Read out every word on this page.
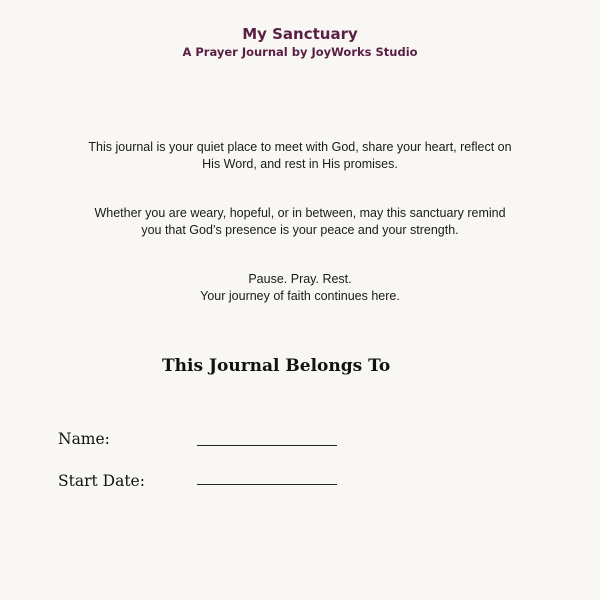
My Sanctuary
A Prayer Journal by JoyWorks Studio

This journal is your quiet place to meet with God, share your heart, reflect on
His Word, and rest in His promises.

Whether you are weary, hopeful, or in between, may this sanctuary remind
you that God’s presence is your peace and your strength.

Pause. Pray. Rest.
Your journey of faith continues here.

This Journal Belongs To
Name:
Start Date:
